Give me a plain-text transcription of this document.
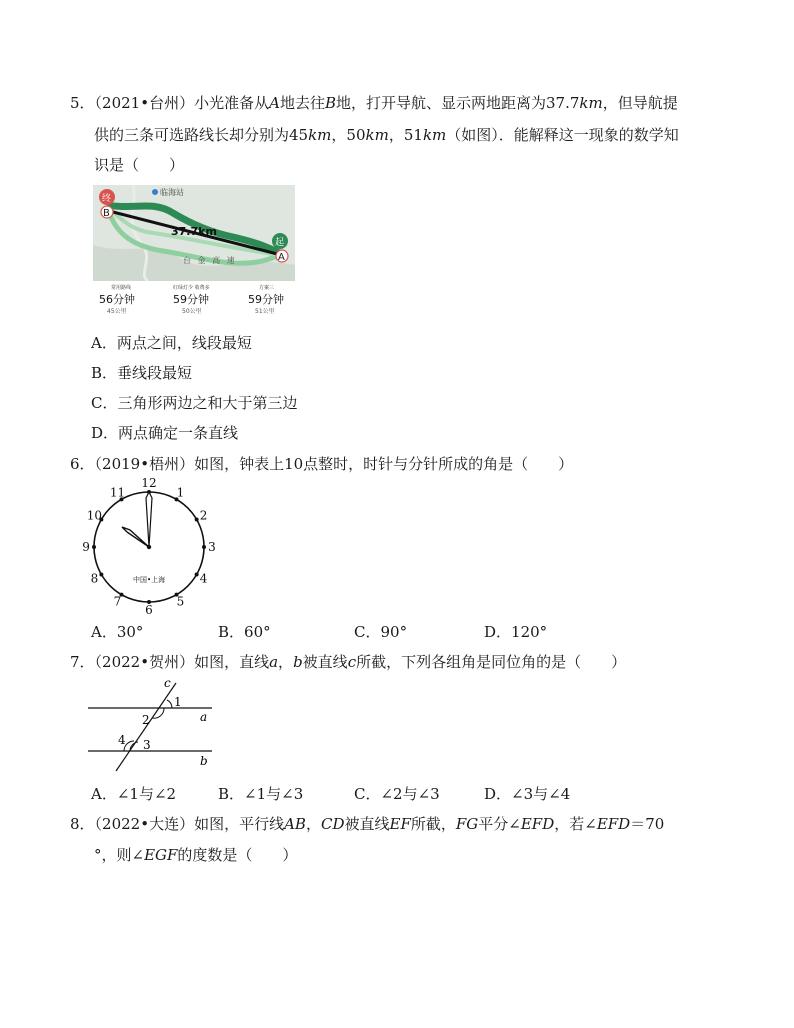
5．（2021•台州）小光准备从A地去往B地，打开导航、显示两地距离为37.7km，但导航提
供的三条可选路线长却分别为45km，50km，51km（如图）．能解释这一现象的数学知
识是（　　）
37.7km
台 金 高 速
临海站
终
B
起
A
常用路线
56分钟
45公里
红绿灯少 收费多
59分钟
50公里
方案三
59分钟
51公里
A．两点之间，线段最短
B．垂线段最短
C．三角形两边之和大于第三边
D．两点确定一条直线
6．（2019•梧州）如图，钟表上10点整时，时针与分针所成的角是（　　）
12
1
2
3
4
5
6
7
8
9
10
11
中国•上海
A．30°	B．60°	C．90°	D．120°
7．（2022•贺州）如图，直线a，b被直线c所截，下列各组角是同位角的是（　　）
c
a
b
1
2
3
4
A．∠1与∠2	B．∠1与∠3	C．∠2与∠3	D．∠3与∠4
8．（2022•大连）如图，平行线AB，CD被直线EF所截，FG平分∠EFD，若∠EFD＝70
°，则∠EGF的度数是（　　）
